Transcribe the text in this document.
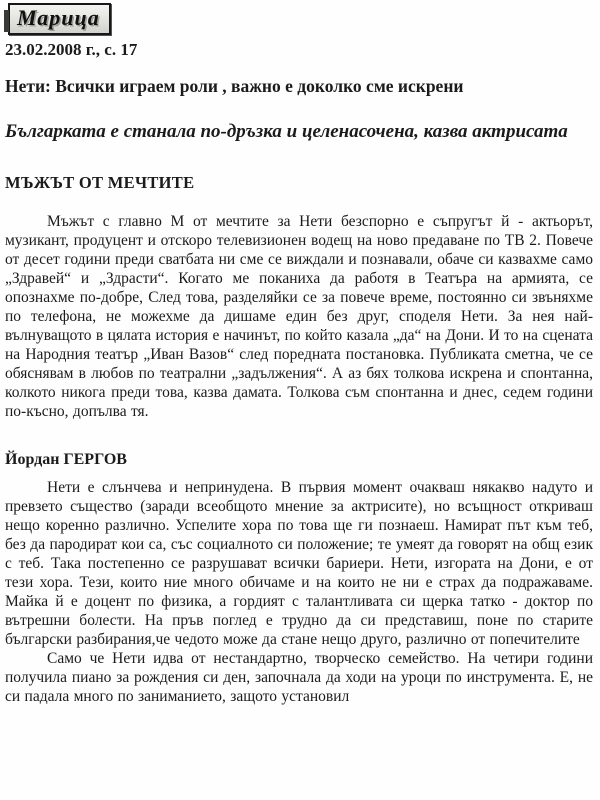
Марица
23.02.2008 г., с. 17
Нети: Всички играем роли , важно е доколко сме искрени
Българката е станала по-дръзка и целенасочена, казва актрисата
МЪЖЪТ ОТ МЕЧТИТЕ

Мъжът с главно М от мечтите за Нети безспорно е съпругът й - актьорът, музикант, продуцент и отскоро телевизионен водещ на ново предаване по ТВ 2. Повече от десет години преди сватбата ни сме се виждали и познавали, обаче си казвахме само „Здравей“ и „Здрасти“. Когато ме поканиха да работя в Театъра на армията, се опознахме по-добре, След това, разделяйки се за повече време, постоянно си звъняхме по телефона, не можехме да дишаме един без друг, споделя Нети. За нея най-вълнуващото в цялата история е начинът, по който казала „да“ на Дони. И то на сцената на Народния театър „Иван Вазов“ след поредната постановка. Публиката сметна, че се обяснявам в любов по театрални „задължения“. А аз бях толкова искрена и спонтанна, колкото никога преди това, казва дамата. Толкова съм спонтанна и днес, седем години по-късно, допълва тя.

Йордан ГЕРГОВ

Нети е слънчева и непринудена. В първия момент очакваш някакво надуто и превзето същество (заради всеобщото мнение за актрисите), но всъщност откриваш нещо коренно различно. Успелите хора по това ще ги познаеш. Намират път към теб, без да пародират кои са, със социалното си положение; те умеят да говорят на общ език с теб. Така постепенно се разрушават всички бариери. Нети, изгората на Дони, е от тези хора. Тези, които ние много обичаме и на които не ни е страх да подражаваме. Майка й е доцент по физика, а гордият с талантливата си щерка татко - доктор по вътрешни болести. На пръв поглед е трудно да си представиш, поне по старите български разбирания,че чедото може да стане нещо друго, различно от попечителите

Само че Нети идва от нестандартно, творческо семейство. На четири години получила пиано за рождения си ден, започнала да ходи на уроци по инструмента. Е, не си падала много по заниманието, защото установил
